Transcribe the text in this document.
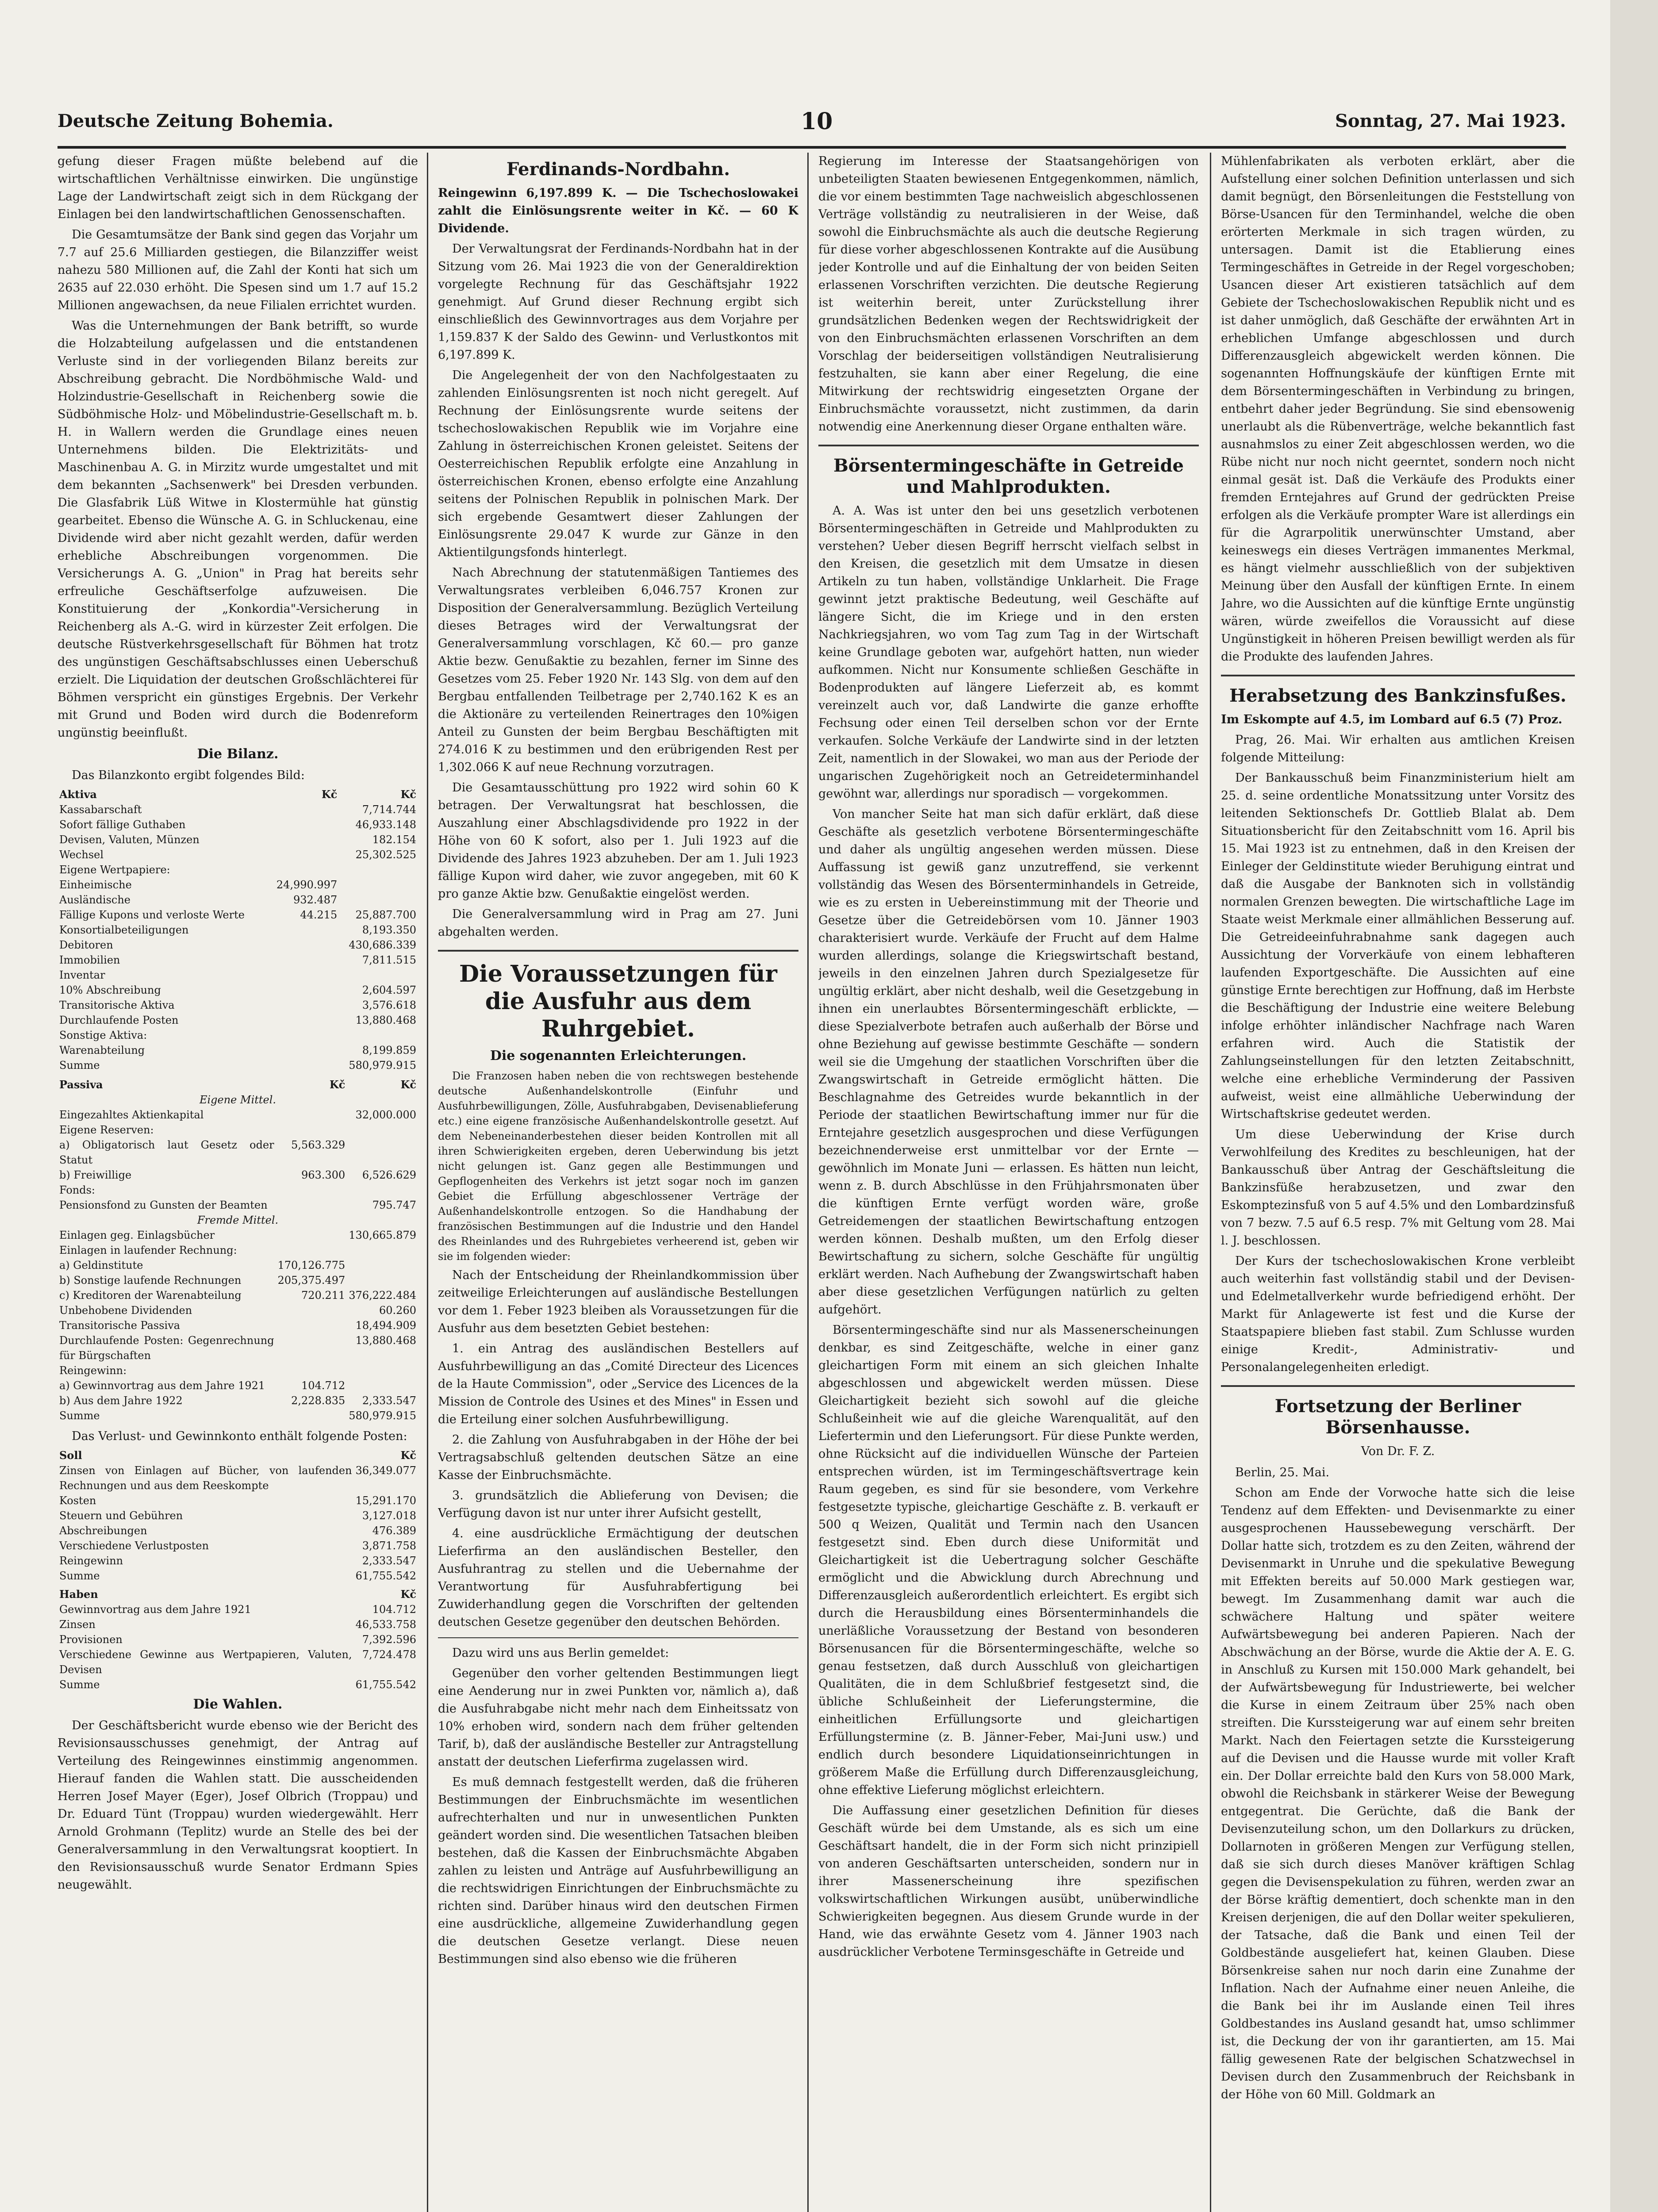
Deutsche Zeitung Bohemia.	10	Sonntag, 27. Mai 1923.

gefung dieser Fragen müßte belebend auf die wirtschaftlichen Verhältnisse einwirken. Die ungünstige Lage der Landwirtschaft zeigt sich in dem Rückgang der Einlagen bei den landwirtschaftlichen Genossenschaften.

Die Gesamtumsätze der Bank sind gegen das Vorjahr um 7.7 auf 25.6 Milliarden gestiegen, die Bilanzziffer weist nahezu 580 Millionen auf, die Zahl der Konti hat sich um 2635 auf 22.030 erhöht. Die Spesen sind um 1.7 auf 15.2 Millionen angewachsen, da neue Filialen errichtet wurden.

Was die Unternehmungen der Bank betrifft, so wurde die Holzabteilung aufgelassen und die entstandenen Verluste sind in der vorliegenden Bilanz bereits zur Abschreibung gebracht. Die Nordböhmische Wald- und Holzindustrie-Gesellschaft in Reichenberg sowie die Südböhmische Holz- und Möbelindustrie-Gesellschaft m. b. H. in Wallern werden die Grundlage eines neuen Unternehmens bilden. Die Elektrizitäts- und Maschinenbau A. G. in Mirzitz wurde umgestaltet und mit dem bekannten „Sachsenwerk" bei Dresden verbunden. Die Glasfabrik Lüß Witwe in Klostermühle hat günstig gearbeitet. Ebenso die Wünsche A. G. in Schluckenau, eine Dividende wird aber nicht gezahlt werden, dafür werden erhebliche Abschreibungen vorgenommen. Die Versicherungs A. G. „Union" in Prag hat bereits sehr erfreuliche Geschäftserfolge aufzuweisen. Die Konstituierung der „Konkordia"-Versicherung in Reichenberg als A.-G. wird in kürzester Zeit erfolgen. Die deutsche Rüstverkehrsgesellschaft für Böhmen hat trotz des ungünstigen Geschäftsabschlusses einen Ueberschuß erzielt. Die Liquidation der deutschen Großschlächterei für Böhmen verspricht ein günstiges Ergebnis. Der Verkehr mit Grund und Boden wird durch die Bodenreform ungünstig beeinflußt.

Die Bilanz.

Das Bilanzkonto ergibt folgendes Bild:

Aktiva	Kč	Kč
Kassabarschaft		7,714.744
Sofort fällige Guthaben		46,933.148
Devisen, Valuten, Münzen		182.154
Wechsel		25,302.525
Eigene Wertpapiere:		
Einheimische	24,990.997	
Ausländische	932.487	
Fällige Kupons und verloste Werte	44.215	25,887.700
Konsortialbeteiligungen		8,193.350
Debitoren		430,686.339
Immobilien		7,811.515
Inventar		
10% Abschreibung		2,604.597
Transitorische Aktiva		3,576.618
Durchlaufende Posten		13,880.468
Sonstige Aktiva:		
Warenabteilung		8,199.859
Summe		580,979.915
Passiva	Kč	Kč
Eigene Mittel.		
Eingezahltes Aktienkapital		32,000.000
Eigene Reserven:		
a) Obligatorisch laut Gesetz oder Statut	5,563.329	
b) Freiwillige	963.300	6,526.629
Fonds:		
Pensionsfond zu Gunsten der Beamten		795.747
Fremde Mittel.		
Einlagen geg. Einlagsbücher		130,665.879
Einlagen in laufender Rechnung:		
a) Geldinstitute	170,126.775	
b) Sonstige laufende Rechnungen	205,375.497	
c) Kreditoren der Warenabteilung	720.211	376,222.484
Unbehobene Dividenden		60.260
Transitorische Passiva		18,494.909
Durchlaufende Posten: Gegenrechnung für Bürgschaften		13,880.468
Reingewinn:		
a) Gewinnvortrag aus dem Jahre 1921	104.712	
b) Aus dem Jahre 1922	2,228.835	2,333.547
Summe		580,979.915

Das Verlust- und Gewinnkonto enthält folgende Posten:

Soll	Kč
Zinsen von Einlagen auf Bücher, von laufenden Rechnungen und aus dem Reeskompte	36,349.077
Kosten	15,291.170
Steuern und Gebühren	3,127.018
Abschreibungen	476.389
Verschiedene Verlustposten	3,871.758
Reingewinn	2,333.547
Summe	61,755.542
Haben	Kč
Gewinnvortrag aus dem Jahre 1921	104.712
Zinsen	46,533.758
Provisionen	7,392.596
Verschiedene Gewinne aus Wertpapieren, Valuten, Devisen	7,724.478
Summe	61,755.542
Die Wahlen.

Der Geschäftsbericht wurde ebenso wie der Bericht des Revisionsausschusses genehmigt, der Antrag auf Verteilung des Reingewinnes einstimmig angenommen. Hierauf fanden die Wahlen statt. Die ausscheidenden Herren Josef Mayer (Eger), Josef Olbrich (Troppau) und Dr. Eduard Tünt (Troppau) wurden wiedergewählt. Herr Arnold Grohmann (Teplitz) wurde an Stelle des bei der Generalversammlung in den Verwaltungsrat kooptiert. In den Revisionsausschuß wurde Senator Erdmann Spies neugewählt.

Ferdinands-Nordbahn.

Reingewinn 6,197.899 K. — Die Tschechoslowakei zahlt die Einlösungsrente weiter in Kč. — 60 K Dividende.

Der Verwaltungsrat der Ferdinands-Nordbahn hat in der Sitzung vom 26. Mai 1923 die von der Generaldirektion vorgelegte Rechnung für das Geschäftsjahr 1922 genehmigt. Auf Grund dieser Rechnung ergibt sich einschließlich des Gewinnvortrages aus dem Vorjahre per 1,159.837 K der Saldo des Gewinn- und Verlustkontos mit 6,197.899 K.

Die Angelegenheit der von den Nachfolgestaaten zu zahlenden Einlösungsrenten ist noch nicht geregelt. Auf Rechnung der Einlösungsrente wurde seitens der tschechoslowakischen Republik wie im Vorjahre eine Zahlung in österreichischen Kronen geleistet. Seitens der Oesterreichischen Republik erfolgte eine Anzahlung in österreichischen Kronen, ebenso erfolgte eine Anzahlung seitens der Polnischen Republik in polnischen Mark. Der sich ergebende Gesamtwert dieser Zahlungen der Einlösungsrente 29.047 K wurde zur Gänze in den Aktientilgungsfonds hinterlegt.

Nach Abrechnung der statutenmäßigen Tantiemes des Verwaltungsrates verbleiben 6,046.757 Kronen zur Disposition der Generalversammlung. Bezüglich Verteilung dieses Betrages wird der Verwaltungsrat der Generalversammlung vorschlagen, Kč 60.— pro ganze Aktie bezw. Genußaktie zu bezahlen, ferner im Sinne des Gesetzes vom 25. Feber 1920 Nr. 143 Slg. von dem auf den Bergbau entfallenden Teilbetrage per 2,740.162 K es an die Aktionäre zu verteilenden Reinertrages den 10%igen Anteil zu Gunsten der beim Bergbau Beschäftigten mit 274.016 K zu bestimmen und den erübrigenden Rest per 1,302.066 K auf neue Rechnung vorzutragen.

Die Gesamtausschüttung pro 1922 wird sohin 60 K betragen. Der Verwaltungsrat hat beschlossen, die Auszahlung einer Abschlagsdividende pro 1922 in der Höhe von 60 K sofort, also per 1. Juli 1923 auf die Dividende des Jahres 1923 abzuheben. Der am 1. Juli 1923 fällige Kupon wird daher, wie zuvor angegeben, mit 60 K pro ganze Aktie bzw. Genußaktie eingelöst werden.

Die Generalversammlung wird in Prag am 27. Juni abgehalten werden.

Die Voraussetzungen für die Ausfuhr aus dem Ruhrgebiet.
Die sogenannten Erleichterungen.

Die Franzosen haben neben die von rechtswegen bestehende deutsche Außenhandelskontrolle (Einfuhr und Ausfuhrbewilligungen, Zölle, Ausfuhrabgaben, Devisenablieferung etc.) eine eigene französische Außenhandelskontrolle gesetzt. Auf dem Nebeneinanderbestehen dieser beiden Kontrollen mit all ihren Schwierigkeiten ergeben, deren Ueberwindung bis jetzt nicht gelungen ist. Ganz gegen alle Bestimmungen und Gepflogenheiten des Verkehrs ist jetzt sogar noch im ganzen Gebiet die Erfüllung abgeschlossener Verträge der Außenhandelskontrolle entzogen. So die Handhabung der französischen Bestimmungen auf die Industrie und den Handel des Rheinlandes und des Ruhrgebietes verheerend ist, geben wir sie im folgenden wieder:

Nach der Entscheidung der Rheinlandkommission über zeitweilige Erleichterungen auf ausländische Bestellungen vor dem 1. Feber 1923 bleiben als Voraussetzungen für die Ausfuhr aus dem besetzten Gebiet bestehen:

1. ein Antrag des ausländischen Bestellers auf Ausfuhrbewilligung an das „Comité Directeur des Licences de la Haute Commission", oder „Service des Licences de la Mission de Controle des Usines et des Mines" in Essen und die Erteilung einer solchen Ausfuhrbewilligung.

2. die Zahlung von Ausfuhrabgaben in der Höhe der bei Vertragsabschluß geltenden deutschen Sätze an eine Kasse der Einbruchsmächte.

3. grundsätzlich die Ablieferung von Devisen; die Verfügung davon ist nur unter ihrer Aufsicht gestellt,

4. eine ausdrückliche Ermächtigung der deutschen Lieferfirma an den ausländischen Besteller, den Ausfuhrantrag zu stellen und die Uebernahme der Verantwortung für Ausfuhrabfertigung bei Zuwiderhandlung gegen die Vorschriften der geltenden deutschen Gesetze gegenüber den deutschen Behörden.

Dazu wird uns aus Berlin gemeldet:

Gegenüber den vorher geltenden Bestimmungen liegt eine Aenderung nur in zwei Punkten vor, nämlich a), daß die Ausfuhrabgabe nicht mehr nach dem Einheitssatz von 10% erhoben wird, sondern nach dem früher geltenden Tarif, b), daß der ausländische Besteller zur Antragstellung anstatt der deutschen Lieferfirma zugelassen wird.

Es muß demnach festgestellt werden, daß die früheren Bestimmungen der Einbruchsmächte im wesentlichen aufrechterhalten und nur in unwesentlichen Punkten geändert worden sind. Die wesentlichen Tatsachen bleiben bestehen, daß die Kassen der Einbruchsmächte Abgaben zahlen zu leisten und Anträge auf Ausfuhrbewilligung an die rechtswidrigen Einrichtungen der Einbruchsmächte zu richten sind. Darüber hinaus wird den deutschen Firmen eine ausdrückliche, allgemeine Zuwiderhandlung gegen die deutschen Gesetze verlangt. Diese neuen Bestimmungen sind also ebenso wie die früheren

Regierung im Interesse der Staatsangehörigen von unbeteiligten Staaten bewiesenen Entgegenkommen, nämlich, die vor einem bestimmten Tage nachweislich abgeschlossenen Verträge vollständig zu neutralisieren in der Weise, daß sowohl die Einbruchsmächte als auch die deutsche Regierung für diese vorher abgeschlossenen Kontrakte auf die Ausübung jeder Kontrolle und auf die Einhaltung der von beiden Seiten erlassenen Vorschriften verzichten. Die deutsche Regierung ist weiterhin bereit, unter Zurückstellung ihrer grundsätzlichen Bedenken wegen der Rechtswidrigkeit der von den Einbruchsmächten erlassenen Vorschriften an dem Vorschlag der beiderseitigen vollständigen Neutralisierung festzuhalten, sie kann aber einer Regelung, die eine Mitwirkung der rechtswidrig eingesetzten Organe der Einbruchsmächte voraussetzt, nicht zustimmen, da darin notwendig eine Anerkennung dieser Organe enthalten wäre.

Börsentermingeschäfte in Getreide und Mahlprodukten.

A. A. Was ist unter den bei uns gesetzlich verbotenen Börsentermingeschäften in Getreide und Mahlprodukten zu verstehen? Ueber diesen Begriff herrscht vielfach selbst in den Kreisen, die gesetzlich mit dem Umsatze in diesen Artikeln zu tun haben, vollständige Unklarheit. Die Frage gewinnt jetzt praktische Bedeutung, weil Geschäfte auf längere Sicht, die im Kriege und in den ersten Nachkriegsjahren, wo vom Tag zum Tag in der Wirtschaft keine Grundlage geboten war, aufgehört hatten, nun wieder aufkommen. Nicht nur Konsumente schließen Geschäfte in Bodenprodukten auf längere Lieferzeit ab, es kommt vereinzelt auch vor, daß Landwirte die ganze erhoffte Fechsung oder einen Teil derselben schon vor der Ernte verkaufen. Solche Verkäufe der Landwirte sind in der letzten Zeit, namentlich in der Slowakei, wo man aus der Periode der ungarischen Zugehörigkeit noch an Getreideterminhandel gewöhnt war, allerdings nur sporadisch — vorgekommen.

Von mancher Seite hat man sich dafür erklärt, daß diese Geschäfte als gesetzlich verbotene Börsentermingeschäfte und daher als ungültig angesehen werden müssen. Diese Auffassung ist gewiß ganz unzutreffend, sie verkennt vollständig das Wesen des Börsenterminhandels in Getreide, wie es zu ersten in Uebereinstimmung mit der Theorie und Gesetze über die Getreidebörsen vom 10. Jänner 1903 charakterisiert wurde. Verkäufe der Frucht auf dem Halme wurden allerdings, solange die Kriegswirtschaft bestand, jeweils in den einzelnen Jahren durch Spezialgesetze für ungültig erklärt, aber nicht deshalb, weil die Gesetzgebung in ihnen ein unerlaubtes Börsentermingeschäft erblickte, — diese Spezialverbote betrafen auch außerhalb der Börse und ohne Beziehung auf gewisse bestimmte Geschäfte — sondern weil sie die Umgehung der staatlichen Vorschriften über die Zwangswirtschaft in Getreide ermöglicht hätten. Die Beschlagnahme des Getreides wurde bekanntlich in der Periode der staatlichen Bewirtschaftung immer nur für die Erntejahre gesetzlich ausgesprochen und diese Verfügungen bezeichnenderweise erst unmittelbar vor der Ernte — gewöhnlich im Monate Juni — erlassen. Es hätten nun leicht, wenn z. B. durch Abschlüsse in den Frühjahrsmonaten über die künftigen Ernte verfügt worden wäre, große Getreidemengen der staatlichen Bewirtschaftung entzogen werden können. Deshalb mußten, um den Erfolg dieser Bewirtschaftung zu sichern, solche Geschäfte für ungültig erklärt werden. Nach Aufhebung der Zwangswirtschaft haben aber diese gesetzlichen Verfügungen natürlich zu gelten aufgehört.

Börsentermingeschäfte sind nur als Massenerscheinungen denkbar, es sind Zeitgeschäfte, welche in einer ganz gleichartigen Form mit einem an sich gleichen Inhalte abgeschlossen und abgewickelt werden müssen. Diese Gleichartigkeit bezieht sich sowohl auf die gleiche Schlußeinheit wie auf die gleiche Warenqualität, auf den Liefertermin und den Lieferungsort. Für diese Punkte werden, ohne Rücksicht auf die individuellen Wünsche der Parteien entsprechen würden, ist im Termingeschäftsvertrage kein Raum gegeben, es sind für sie besondere, vom Verkehre festgesetzte typische, gleichartige Geschäfte z. B. verkauft er 500 q Weizen, Qualität und Termin nach den Usancen festgesetzt sind. Eben durch diese Uniformität und Gleichartigkeit ist die Uebertragung solcher Geschäfte ermöglicht und die Abwicklung durch Abrechnung und Differenzausgleich außerordentlich erleichtert. Es ergibt sich durch die Herausbildung eines Börsenterminhandels die unerläßliche Voraussetzung der Bestand von besonderen Börsenusancen für die Börsentermingeschäfte, welche so genau festsetzen, daß durch Ausschluß von gleichartigen Qualitäten, die in dem Schlußbrief festgesetzt sind, die übliche Schlußeinheit der Lieferungstermine, die einheitlichen Erfüllungsorte und gleichartigen Erfüllungstermine (z. B. Jänner-Feber, Mai-Juni usw.) und endlich durch besondere Liquidationseinrichtungen in größerem Maße die Erfüllung durch Differenzausgleichung, ohne effektive Lieferung möglichst erleichtern.

Die Auffassung einer gesetzlichen Definition für dieses Geschäft würde bei dem Umstande, als es sich um eine Geschäftsart handelt, die in der Form sich nicht prinzipiell von anderen Geschäftsarten unterscheiden, sondern nur in ihrer Massenerscheinung ihre spezifischen volkswirtschaftlichen Wirkungen ausübt, unüberwindliche Schwierigkeiten begegnen. Aus diesem Grunde wurde in der Hand, wie das erwähnte Gesetz vom 4. Jänner 1903 nach ausdrücklicher Verbotene Terminsgeschäfte in Getreide und

Mühlenfabrikaten als verboten erklärt, aber die Aufstellung einer solchen Definition unterlassen und sich damit begnügt, den Börsenleitungen die Feststellung von Börse-Usancen für den Terminhandel, welche die oben erörterten Merkmale in sich tragen würden, zu untersagen. Damit ist die Etablierung eines Termingeschäftes in Getreide in der Regel vorgeschoben; Usancen dieser Art existieren tatsächlich auf dem Gebiete der Tschechoslowakischen Republik nicht und es ist daher unmöglich, daß Geschäfte der erwähnten Art in erheblichen Umfange abgeschlossen und durch Differenzausgleich abgewickelt werden können. Die sogenannten Hoffnungskäufe der künftigen Ernte mit dem Börsentermingeschäften in Verbindung zu bringen, entbehrt daher jeder Begründung. Sie sind ebensowenig unerlaubt als die Rübenverträge, welche bekanntlich fast ausnahmslos zu einer Zeit abgeschlossen werden, wo die Rübe nicht nur noch nicht geerntet, sondern noch nicht einmal gesät ist. Daß die Verkäufe des Produkts einer fremden Erntejahres auf Grund der gedrückten Preise erfolgen als die Verkäufe prompter Ware ist allerdings ein für die Agrarpolitik unerwünschter Umstand, aber keineswegs ein dieses Verträgen immanentes Merkmal, es hängt vielmehr ausschließlich von der subjektiven Meinung über den Ausfall der künftigen Ernte. In einem Jahre, wo die Aussichten auf die künftige Ernte ungünstig wären, würde zweifellos die Voraussicht auf diese Ungünstigkeit in höheren Preisen bewilligt werden als für die Produkte des laufenden Jahres.

Herabsetzung des Bankzinsfußes.

Im Eskompte auf 4.5, im Lombard auf 6.5 (7) Proz.

Prag, 26. Mai. Wir erhalten aus amtlichen Kreisen folgende Mitteilung:

Der Bankausschuß beim Finanzministerium hielt am 25. d. seine ordentliche Monatssitzung unter Vorsitz des leitenden Sektionschefs Dr. Gottlieb Blalat ab. Dem Situationsbericht für den Zeitabschnitt vom 16. April bis 15. Mai 1923 ist zu entnehmen, daß in den Kreisen der Einleger der Geldinstitute wieder Beruhigung eintrat und daß die Ausgabe der Banknoten sich in vollständig normalen Grenzen bewegten. Die wirtschaftliche Lage im Staate weist Merkmale einer allmählichen Besserung auf. Die Getreideeinfuhrabnahme sank dagegen auch Aussichtung der Vorverkäufe von einem lebhafteren laufenden Exportgeschäfte. Die Aussichten auf eine günstige Ernte berechtigen zur Hoffnung, daß im Herbste die Beschäftigung der Industrie eine weitere Belebung infolge erhöhter inländischer Nachfrage nach Waren erfahren wird. Auch die Statistik der Zahlungseinstellungen für den letzten Zeitabschnitt, welche eine erhebliche Verminderung der Passiven aufweist, weist eine allmähliche Ueberwindung der Wirtschaftskrise gedeutet werden.

Um diese Ueberwindung der Krise durch Verwohlfeilung des Kredites zu beschleunigen, hat der Bankausschuß über Antrag der Geschäftsleitung die Bankzinsfüße herabzusetzen, und zwar den Eskomptezinsfuß von 5 auf 4.5% und den Lombardzinsfuß von 7 bezw. 7.5 auf 6.5 resp. 7% mit Geltung vom 28. Mai l. J. beschlossen.

Der Kurs der tschechoslowakischen Krone verbleibt auch weiterhin fast vollständig stabil und der Devisen- und Edelmetallverkehr wurde befriedigend erhöht. Der Markt für Anlagewerte ist fest und die Kurse der Staatspapiere blieben fast stabil. Zum Schlusse wurden einige Kredit-, Administrativ- und Personalangelegenheiten erledigt.

Fortsetzung der Berliner Börsenhausse.

Von Dr. F. Z.

Berlin, 25. Mai.

Schon am Ende der Vorwoche hatte sich die leise Tendenz auf dem Effekten- und Devisenmarkte zu einer ausgesprochenen Haussebewegung verschärft. Der Dollar hatte sich, trotzdem es zu den Zeiten, während der Devisenmarkt in Unruhe und die spekulative Bewegung mit Effekten bereits auf 50.000 Mark gestiegen war, bewegt. Im Zusammenhang damit war auch die schwächere Haltung und später weitere Aufwärtsbewegung bei anderen Papieren. Nach der Abschwächung an der Börse, wurde die Aktie der A. E. G. in Anschluß zu Kursen mit 150.000 Mark gehandelt, bei der Aufwärtsbewegung für Industriewerte, bei welcher die Kurse in einem Zeitraum über 25% nach oben streiften. Die Kurssteigerung war auf einem sehr breiten Markt. Nach den Feiertagen setzte die Kurssteigerung auf die Devisen und die Hausse wurde mit voller Kraft ein. Der Dollar erreichte bald den Kurs von 58.000 Mark, obwohl die Reichsbank in stärkerer Weise der Bewegung entgegentrat. Die Gerüchte, daß die Bank der Devisenzuteilung schon, um den Dollarkurs zu drücken, Dollarnoten in größeren Mengen zur Verfügung stellen, daß sie sich durch dieses Manöver kräftigen Schlag gegen die Devisenspekulation zu führen, werden zwar an der Börse kräftig dementiert, doch schenkte man in den Kreisen derjenigen, die auf den Dollar weiter spekulieren, der Tatsache, daß die Bank und einen Teil der Goldbestände ausgeliefert hat, keinen Glauben. Diese Börsenkreise sahen nur noch darin eine Zunahme der Inflation. Nach der Aufnahme einer neuen Anleihe, die die Bank bei ihr im Auslande einen Teil ihres Goldbestandes ins Ausland gesandt hat, umso schlimmer ist, die Deckung der von ihr garantierten, am 15. Mai fällig gewesenen Rate der belgischen Schatzwechsel in Devisen durch den Zusammenbruch der Reichsbank in der Höhe von 60 Mill. Goldmark an
